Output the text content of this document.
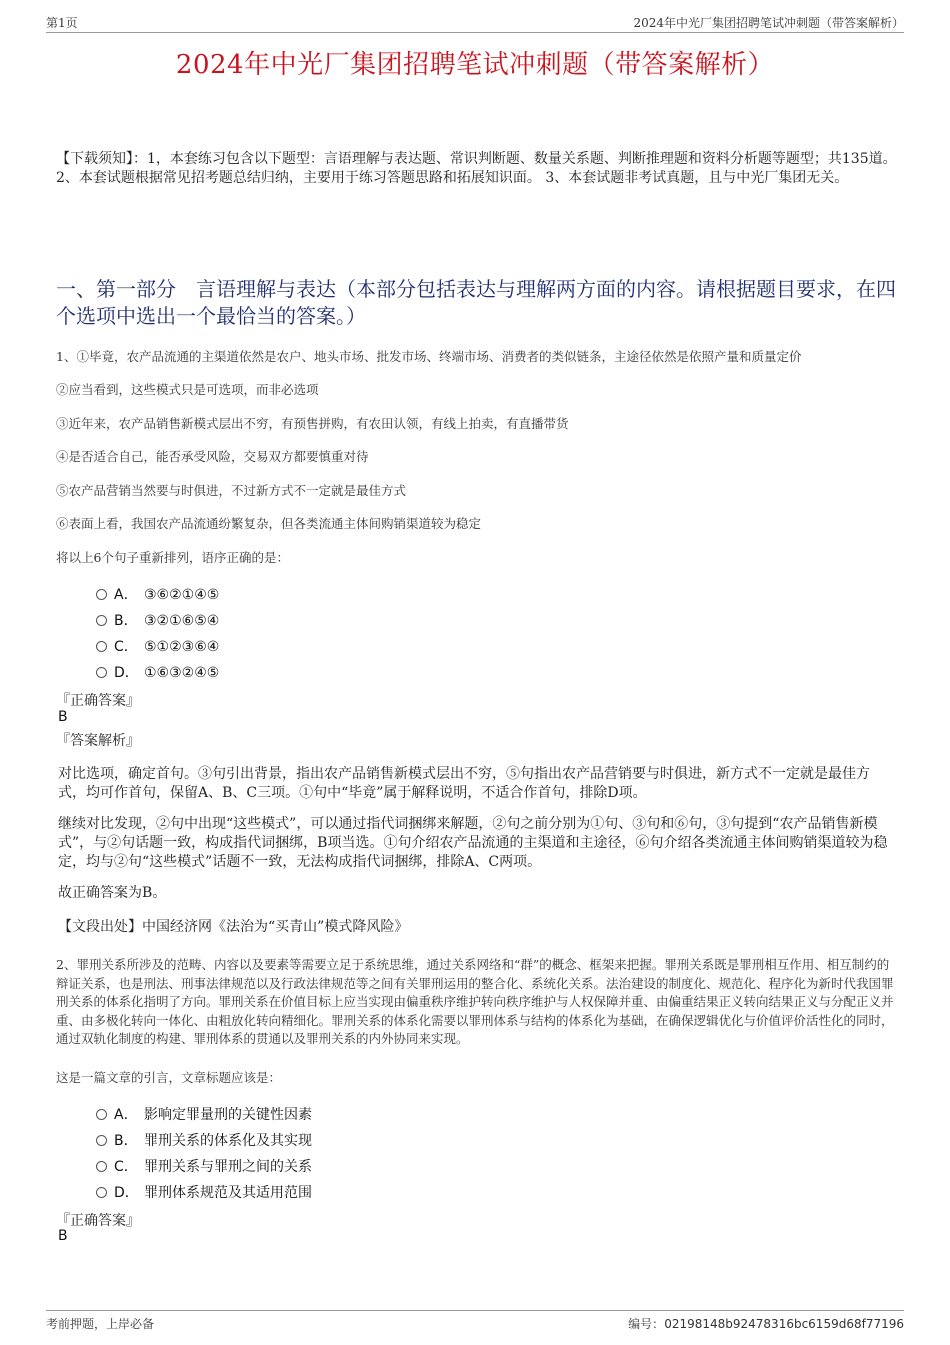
第1页	2024年中光厂集团招聘笔试冲刺题（带答案解析）
2024年中光厂集团招聘笔试冲刺题（带答案解析）
【下载须知】：1，本套练习包含以下题型：言语理解与表达题、常识判断题、数量关系题、判断推理题和资料分析题等题型；共135道。 2、本套试题根据常见招考题总结归纳，主要用于练习答题思路和拓展知识面。 3、本套试题非考试真题，且与中光厂集团无关。
一、第一部分　言语理解与表达（本部分包括表达与理解两方面的内容。请根据题目要求，在四个选项中选出一个最恰当的答案。）
1、①毕竟，农产品流通的主渠道依然是农户、地头市场、批发市场、终端市场、消费者的类似链条，主途径依然是依照产量和质量定价
②应当看到，这些模式只是可选项，而非必选项
③近年来，农产品销售新模式层出不穷，有预售拼购，有农田认领，有线上拍卖，有直播带货
④是否适合自己，能否承受风险，交易双方都要慎重对待
⑤农产品营销当然要与时俱进，不过新方式不一定就是最佳方式
⑥表面上看，我国农产品流通纷繁复杂，但各类流通主体间购销渠道较为稳定
将以上6个句子重新排列，语序正确的是：
A． ③⑥②①④⑤
B． ③②①⑥⑤④
C． ⑤①②③⑥④
D． ①⑥③②④⑤
『正确答案』
B
『答案解析』
对比选项，确定首句。③句引出背景，指出农产品销售新模式层出不穷，⑤句指出农产品营销要与时俱进，新方式不一定就是最佳方式，均可作首句，保留A、B、C三项。①句中“毕竟”属于解释说明，不适合作首句，排除D项。
继续对比发现，②句中出现“这些模式”，可以通过指代词捆绑来解题，②句之前分别为①句、③句和⑥句，③句提到“农产品销售新模式”，与②句话题一致，构成指代词捆绑，B项当选。①句介绍农产品流通的主渠道和主途径，⑥句介绍各类流通主体间购销渠道较为稳定，均与②句“这些模式”话题不一致，无法构成指代词捆绑，排除A、C两项。
故正确答案为B。
【文段出处】中国经济网《法治为“买青山”模式降风险》
2、罪刑关系所涉及的范畴、内容以及要素等需要立足于系统思维，通过关系网络和“群”的概念、框架来把握。罪刑关系既是罪刑相互作用、相互制约的辩证关系，也是刑法、刑事法律规范以及行政法律规范等之间有关罪刑运用的整合化、系统化关系。法治建设的制度化、规范化、程序化为新时代我国罪刑关系的体系化指明了方向。罪刑关系在价值目标上应当实现由偏重秩序维护转向秩序维护与人权保障并重、由偏重结果正义转向结果正义与分配正义并重、由多极化转向一体化、由粗放化转向精细化。罪刑关系的体系化需要以罪刑体系与结构的体系化为基础，在确保逻辑优化与价值评价活性化的同时，通过双轨化制度的构建、罪刑体系的贯通以及罪刑关系的内外协同来实现。
这是一篇文章的引言，文章标题应该是：
A． 影响定罪量刑的关键性因素
B． 罪刑关系的体系化及其实现
C． 罪刑关系与罪刑之间的关系
D． 罪刑体系规范及其适用范围
『正确答案』
B
考前押题，上岸必备	编号：02198148b92478316bc6159d68f77196
